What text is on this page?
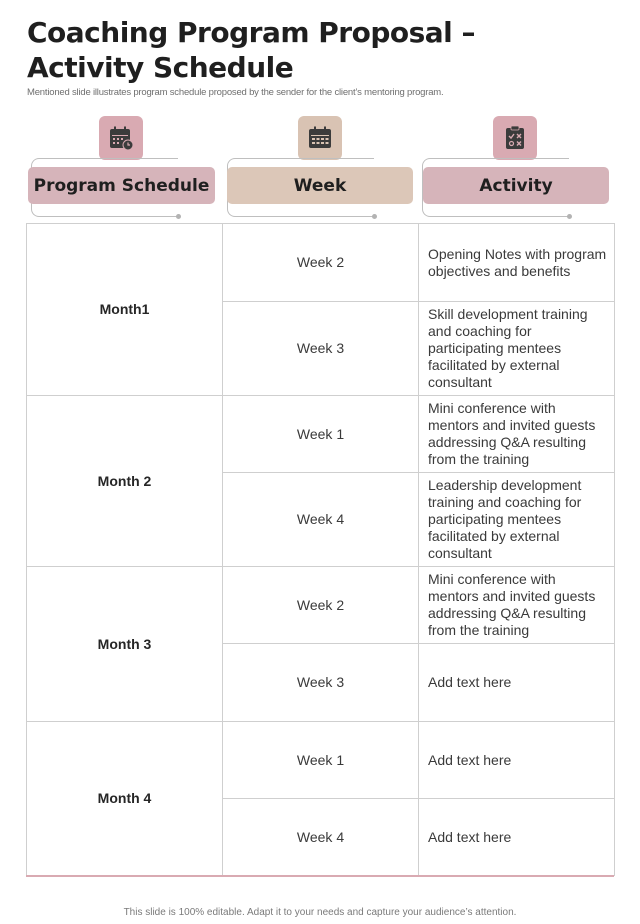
Coaching Program Proposal – Activity Schedule
Mentioned slide illustrates program schedule proposed by the sender for the client’s mentoring program.
Program Schedule	Week	Activity
Month1	Week 2	Opening Notes with program objectives and benefits
	Week 3	Skill development training and coaching for participating mentees facilitated by external consultant
Month 2	Week 1	Mini conference with mentors and invited guests addressing Q&A resulting from the training
	Week 4	Leadership development training and coaching for participating mentees facilitated by external consultant
Month 3	Week 2	Mini conference with mentors and invited guests addressing Q&A resulting from the training
	Week 3	Add text here
Month 4	Week 1	Add text here
	Week 4	Add text here
This slide is 100% editable. Adapt it to your needs and capture your audience’s attention.
